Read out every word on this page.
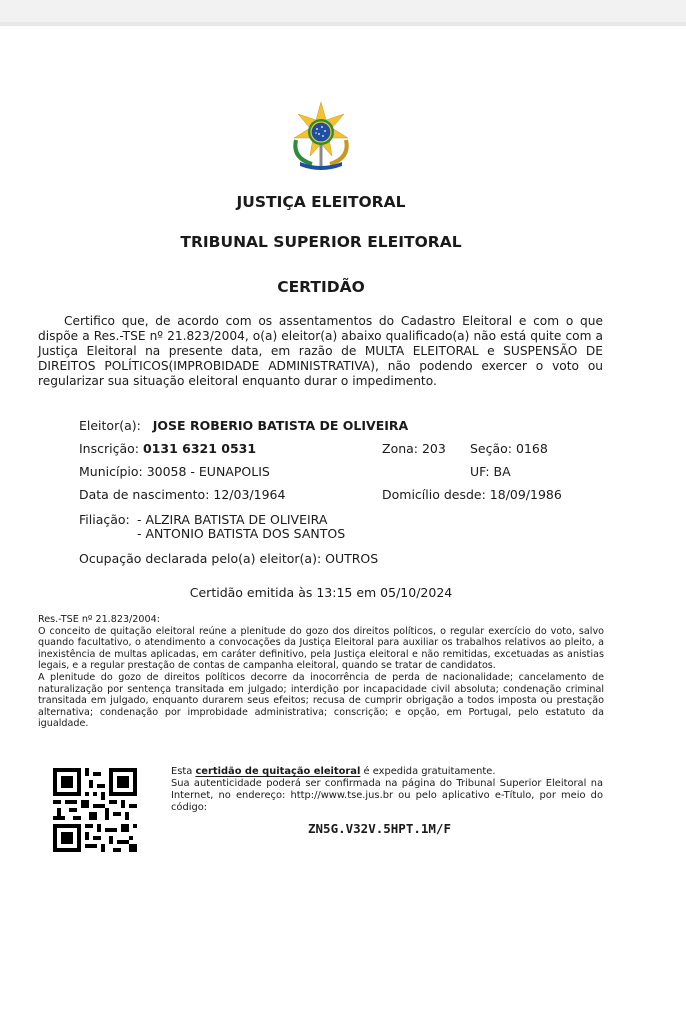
JUSTIÇA ELEITORAL
TRIBUNAL SUPERIOR ELEITORAL
CERTIDÃO
Certifico que, de acordo com os assentamentos do Cadastro Eleitoral e com o que dispõe a Res.-TSE nº 21.823/2004, o(a) eleitor(a) abaixo qualificado(a) não está quite com a Justiça Eleitoral na presente data, em razão de MULTA ELEITORAL e SUSPENSÃO DE DIREITOS POLÍTICOS(IMPROBIDADE ADMINISTRATIVA), não podendo exercer o voto ou regularizar sua situação eleitoral enquanto durar o impedimento.
Eleitor(a): JOSE ROBERIO BATISTA DE OLIVEIRA
Inscrição: 0131 6321 0531	Zona: 203 Seção: 0168
Município: 30058 - EUNAPOLIS	UF: BA
Data de nascimento: 12/03/1964	Domicílio desde: 18/09/1986
Filiação: - ALZIRA BATISTA DE OLIVEIRA
- ANTONIO BATISTA DOS SANTOS
Ocupação declarada pelo(a) eleitor(a): OUTROS
Certidão emitida às 13:15 em 05/10/2024

Res.-TSE nº 21.823/2004:

O conceito de quitação eleitoral reúne a plenitude do gozo dos direitos políticos, o regular exercício do voto, salvo quando facultativo, o atendimento a convocações da Justiça Eleitoral para auxiliar os trabalhos relativos ao pleito, a inexistência de multas aplicadas, em caráter definitivo, pela Justiça eleitoral e não remitidas, excetuadas as anistias legais, e a regular prestação de contas de campanha eleitoral, quando se tratar de candidatos.

A plenitude do gozo de direitos políticos decorre da inocorrência de perda de nacionalidade; cancelamento de naturalização por sentença transitada em julgado; interdição por incapacidade civil absoluta; condenação criminal transitada em julgado, enquanto durarem seus efeitos; recusa de cumprir obrigação a todos imposta ou prestação alternativa; condenação por improbidade administrativa; conscrição; e opção, em Portugal, pelo estatuto da igualdade.

Esta certidão de quitação eleitoral é expedida gratuitamente.

Sua autenticidade poderá ser confirmada na página do Tribunal Superior Eleitoral na Internet, no endereço: http://www.tse.jus.br ou pelo aplicativo e-Título, por meio do código:

ZN5G.V32V.5HPT.1M/F
